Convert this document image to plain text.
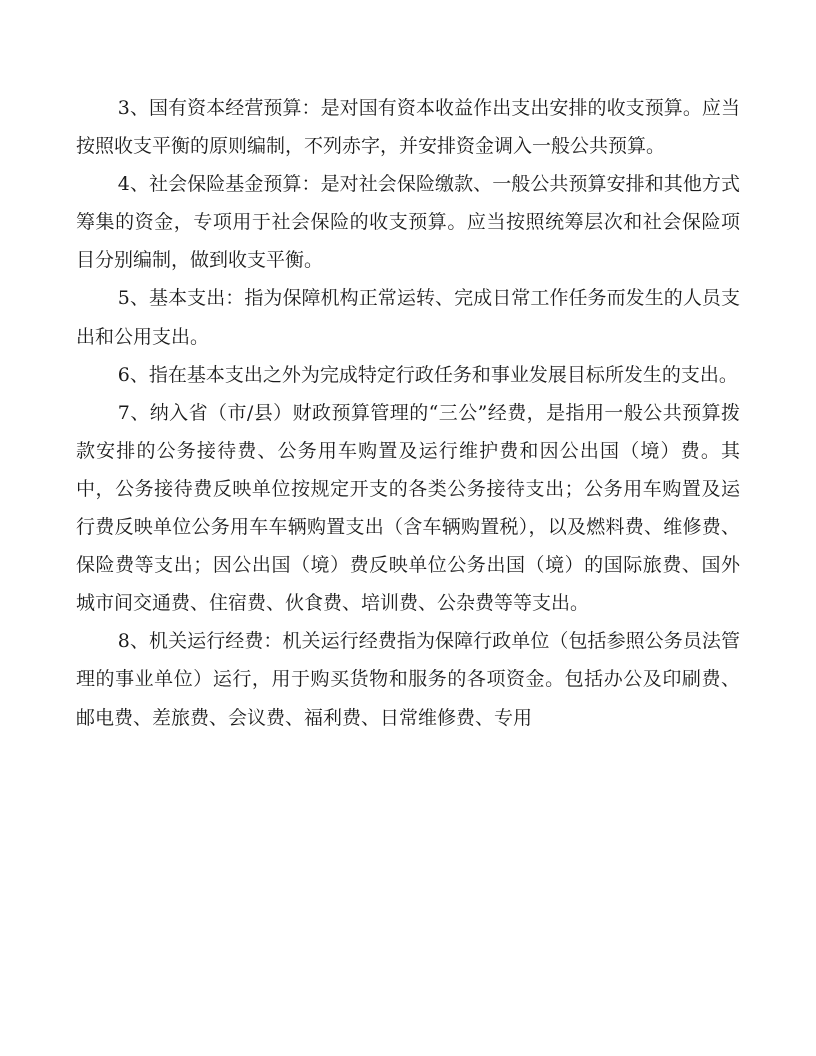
3、国有资本经营预算：是对国有资本收益作出支出安排的收支预算。应当按照收支平衡的原则编制，不列赤字，并安排资金调入一般公共预算。

4、社会保险基金预算：是对社会保险缴款、一般公共预算安排和其他方式筹集的资金，专项用于社会保险的收支预算。应当按照统筹层次和社会保险项目分别编制，做到收支平衡。

5、基本支出：指为保障机构正常运转、完成日常工作任务而发生的人员支出和公用支出。

6、指在基本支出之外为完成特定行政任务和事业发展目标所发生的支出。

7、纳入省（市/县）财政预算管理的“三公”经费，是指用一般公共预算拨款安排的公务接待费、公务用车购置及运行维护费和因公出国（境）费。其中，公务接待费反映单位按规定开支的各类公务接待支出；公务用车购置及运行费反映单位公务用车车辆购置支出（含车辆购置税），以及燃料费、维修费、保险费等支出；因公出国（境）费反映单位公务出国（境）的国际旅费、国外城市间交通费、住宿费、伙食费、培训费、公杂费等等支出。

8、机关运行经费：机关运行经费指为保障行政单位（包括参照公务员法管理的事业单位）运行，用于购买货物和服务的各项资金。包括办公及印刷费、邮电费、差旅费、会议费、福利费、日常维修费、专用
